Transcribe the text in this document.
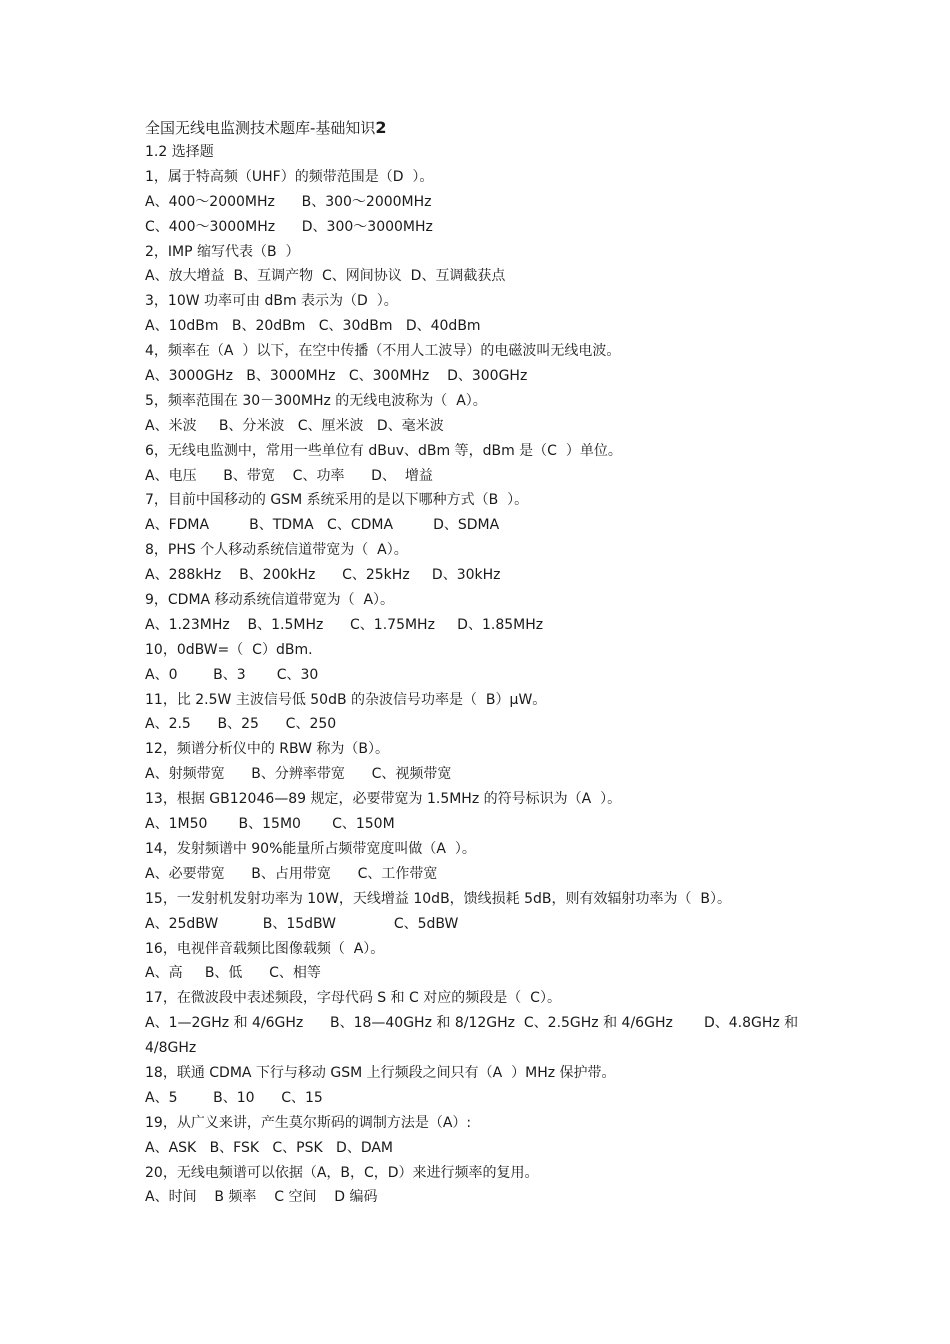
全国无线电监测技术题库-基础知识2
1.2 选择题
1，属于特高频（UHF）的频带范围是（D  ）。
A、400～2000MHz      B、300～2000MHz
C、400～3000MHz      D、300～3000MHz
2，IMP 缩写代表（B  ）
A、放大增益  B、互调产物  C、网间协议  D、互调截获点
3，10W 功率可由 dBm 表示为（D  ）。
A、10dBm   B、20dBm   C、30dBm   D、40dBm
4，频率在（A  ）以下，在空中传播（不用人工波导）的电磁波叫无线电波。
A、3000GHz   B、3000MHz   C、300MHz    D、300GHz
5，频率范围在 30－300MHz 的无线电波称为（  A）。
A、米波     B、分米波   C、厘米波   D、毫米波
6，无线电监测中，常用一些单位有 dBuv、dBm 等，dBm 是（C  ）单位。
A、电压      B、带宽    C、功率      D、  增益
7，目前中国移动的 GSM 系统采用的是以下哪种方式（B  ）。
A、FDMA         B、TDMA   C、CDMA         D、SDMA
8，PHS 个人移动系统信道带宽为（  A）。
A、288kHz    B、200kHz      C、25kHz     D、30kHz
9，CDMA 移动系统信道带宽为（  A）。
A、1.23MHz    B、1.5MHz      C、1.75MHz     D、1.85MHz
10，0dBW=（  C）dBm.
A、0        B、3       C、30
11，比 2.5W 主波信号低 50dB 的杂波信号功率是（  B）μW。
A、2.5      B、25      C、250
12，频谱分析仪中的 RBW 称为（B）。
A、射频带宽      B、分辨率带宽      C、视频带宽
13，根据 GB12046—89 规定，必要带宽为 1.5MHz 的符号标识为（A  ）。
A、1M50       B、15M0       C、150M
14，发射频谱中 90%能量所占频带宽度叫做（A  ）。
A、必要带宽      B、占用带宽      C、工作带宽
15，一发射机发射功率为 10W，天线增益 10dB，馈线损耗 5dB，则有效辐射功率为（  B）。
A、25dBW          B、15dBW             C、5dBW
16，电视伴音载频比图像载频（  A）。
A、高     B、低      C、相等
17，在微波段中表述频段，字母代码 S 和 C 对应的频段是（  C）。
A、1—2GHz 和 4/6GHz      B、18—40GHz 和 8/12GHz  C、2.5GHz 和 4/6GHz       D、4.8GHz 和 4/8GHz
18，联通 CDMA 下行与移动 GSM 上行频段之间只有（A  ）MHz 保护带。
A、5        B、10      C、15
19，从广义来讲，产生莫尔斯码的调制方法是（A）:
A、ASK   B、FSK   C、PSK   D、DAM
20，无线电频谱可以依据（A，B，C，D）来进行频率的复用。
A、时间    B 频率    C 空间    D 编码
